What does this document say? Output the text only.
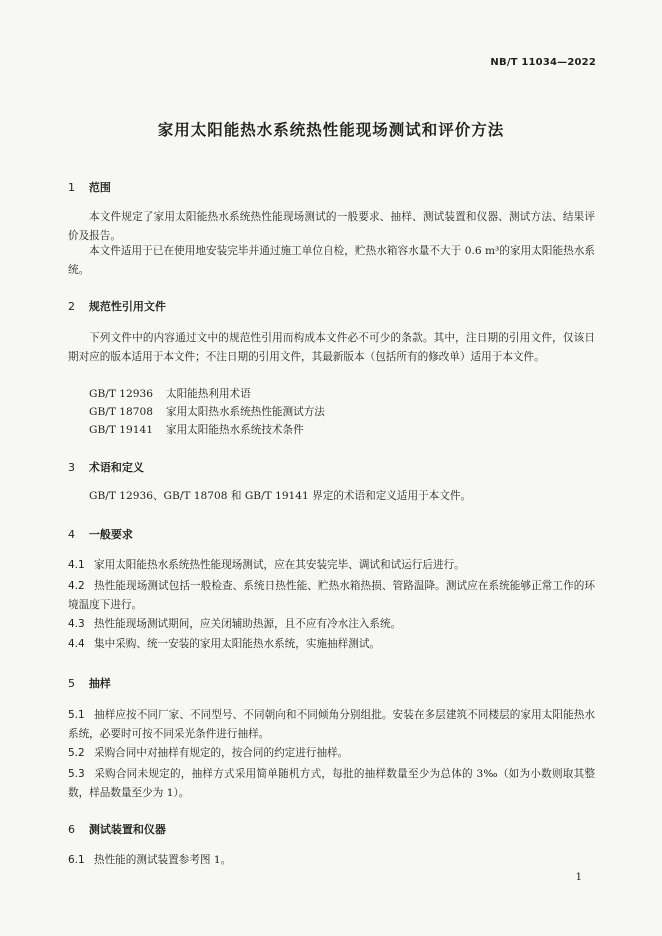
NB/T 11034—2022
家用太阳能热水系统热性能现场测试和评价方法
1 范围
本文件规定了家用太阳能热水系统热性能现场测试的一般要求、抽样、测试装置和仪器、测试方法、结果评价及报告。
本文件适用于已在使用地安装完毕并通过施工单位自检，贮热水箱容水量不大于 0.6 m³的家用太阳能热水系统。
2 规范性引用文件
下列文件中的内容通过文中的规范性引用而构成本文件必不可少的条款。其中，注日期的引用文件，仅该日期对应的版本适用于本文件；不注日期的引用文件，其最新版本（包括所有的修改单）适用于本文件。
GB/T 12936 太阳能热利用术语
GB/T 18708 家用太阳热水系统热性能测试方法
GB/T 19141 家用太阳能热水系统技术条件
3 术语和定义
GB/T 12936、GB/T 18708 和 GB/T 19141 界定的术语和定义适用于本文件。
4 一般要求
4.1 家用太阳能热水系统热性能现场测试，应在其安装完毕、调试和试运行后进行。
4.2 热性能现场测试包括一般检查、系统日热性能、贮热水箱热损、管路温降。测试应在系统能够正常工作的环境温度下进行。
4.3 热性能现场测试期间，应关闭辅助热源，且不应有冷水注入系统。
4.4 集中采购、统一安装的家用太阳能热水系统，实施抽样测试。
5 抽样
5.1 抽样应按不同厂家、不同型号、不同朝向和不同倾角分别组批。安装在多层建筑不同楼层的家用太阳能热水系统，必要时可按不同采光条件进行抽样。
5.2 采购合同中对抽样有规定的，按合同的约定进行抽样。
5.3 采购合同未规定的，抽样方式采用简单随机方式，每批的抽样数量至少为总体的 3‰（如为小数则取其整数，样品数量至少为 1）。
6 测试装置和仪器
6.1 热性能的测试装置参考图 1。
1
